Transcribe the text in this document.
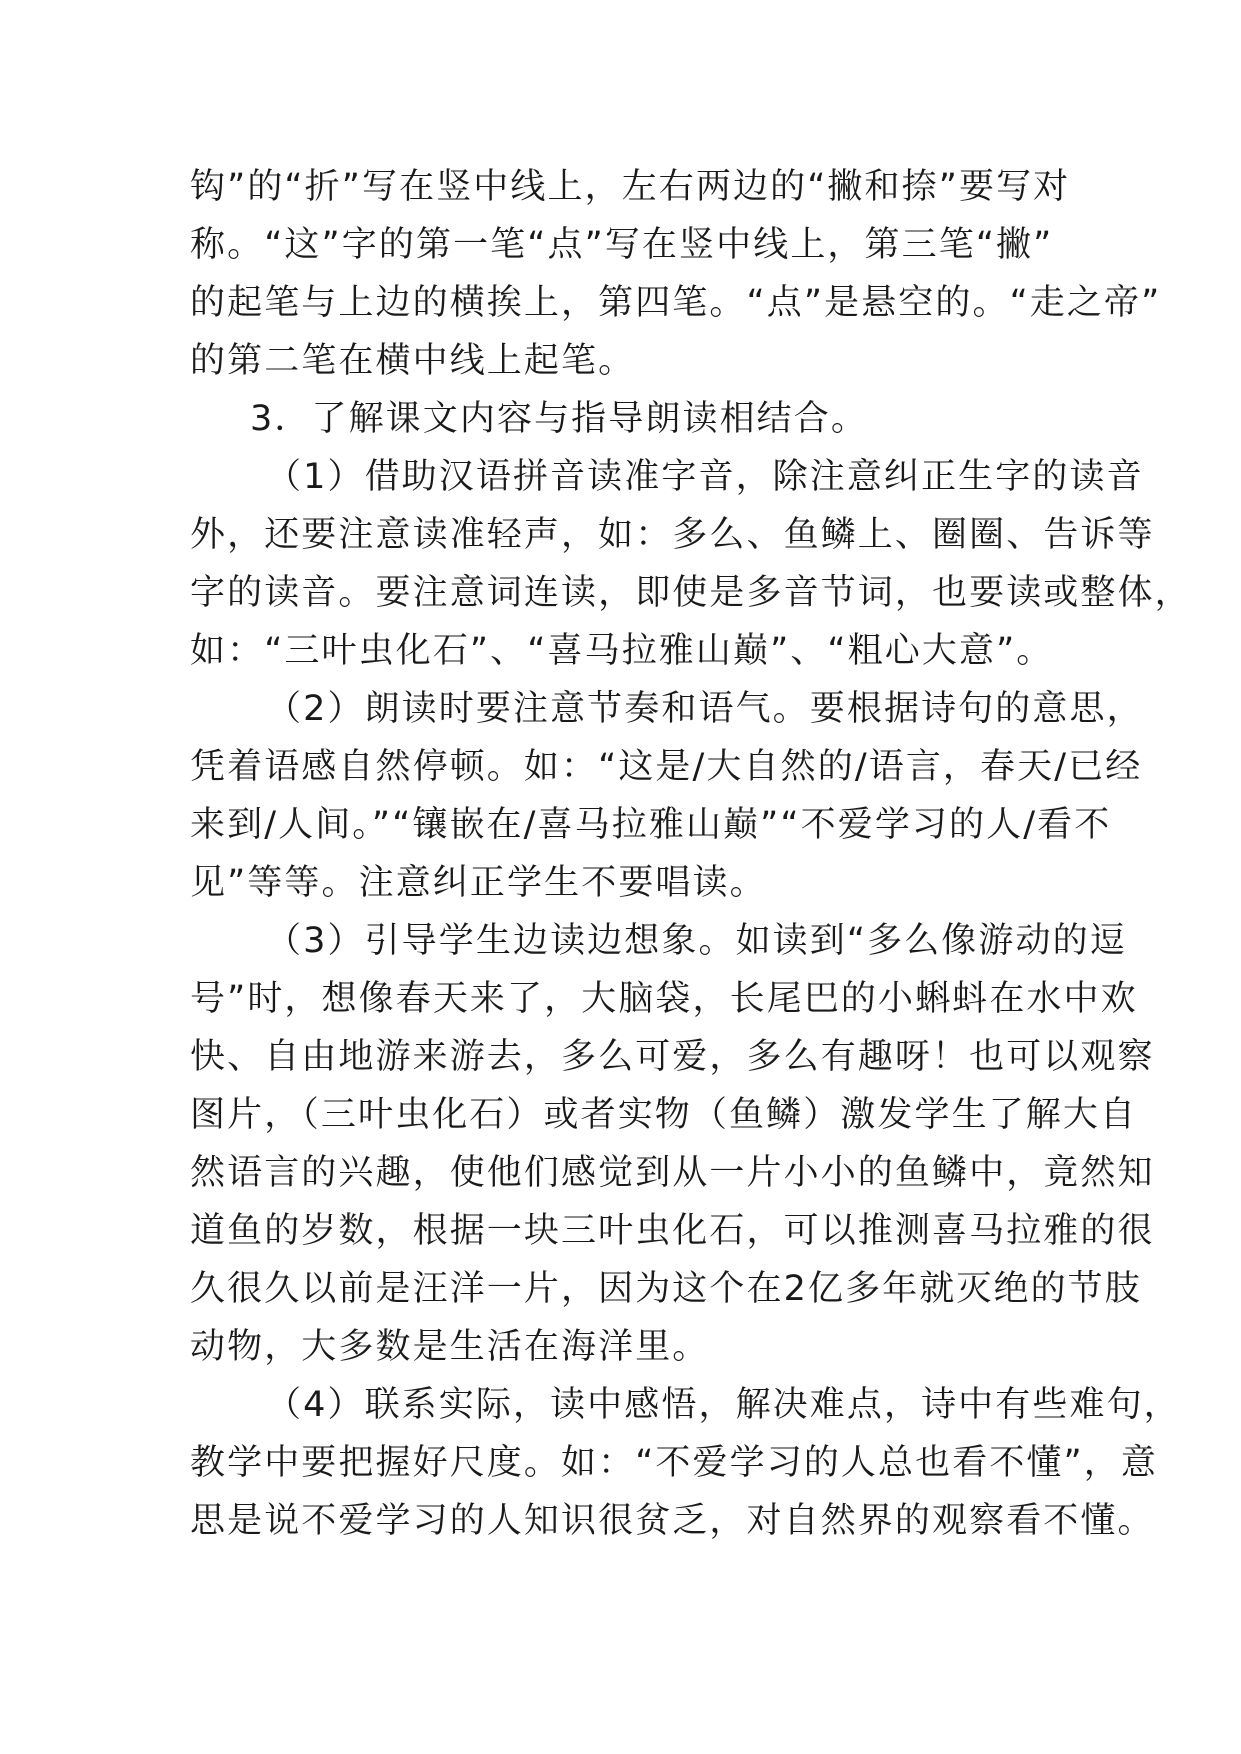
钩”的“折”写在竖中线上，左右两边的“撇和捺”要写对
称。“这”字的第一笔“点”写在竖中线上，第三笔“撇”
的起笔与上边的横挨上，第四笔。“点”是悬空的。“走之帝”
的第二笔在横中线上起笔。
3．了解课文内容与指导朗读相结合。
（1）借助汉语拼音读准字音，除注意纠正生字的读音
外，还要注意读准轻声，如：多么、鱼鳞上、圈圈、告诉等
字的读音。要注意词连读，即使是多音节词，也要读或整体，
如：“三叶虫化石”、“喜马拉雅山巅”、“粗心大意”。
（2）朗读时要注意节奏和语气。要根据诗句的意思，
凭着语感自然停顿。如：“这是/大自然的/语言，春天/已经
来到/人间。”“镶嵌在/喜马拉雅山巅”“不爱学习的人/看不
见”等等。注意纠正学生不要唱读。
（3）引导学生边读边想象。如读到“多么像游动的逗
号”时，想像春天来了，大脑袋，长尾巴的小蝌蚪在水中欢
快、自由地游来游去，多么可爱，多么有趣呀！也可以观察
图片，（三叶虫化石）或者实物（鱼鳞）激发学生了解大自
然语言的兴趣，使他们感觉到从一片小小的鱼鳞中，竟然知
道鱼的岁数，根据一块三叶虫化石，可以推测喜马拉雅的很
久很久以前是汪洋一片，因为这个在2亿多年就灭绝的节肢
动物，大多数是生活在海洋里。
（4）联系实际，读中感悟，解决难点，诗中有些难句，
教学中要把握好尺度。如：“不爱学习的人总也看不懂”，意
思是说不爱学习的人知识很贫乏，对自然界的观察看不懂。
